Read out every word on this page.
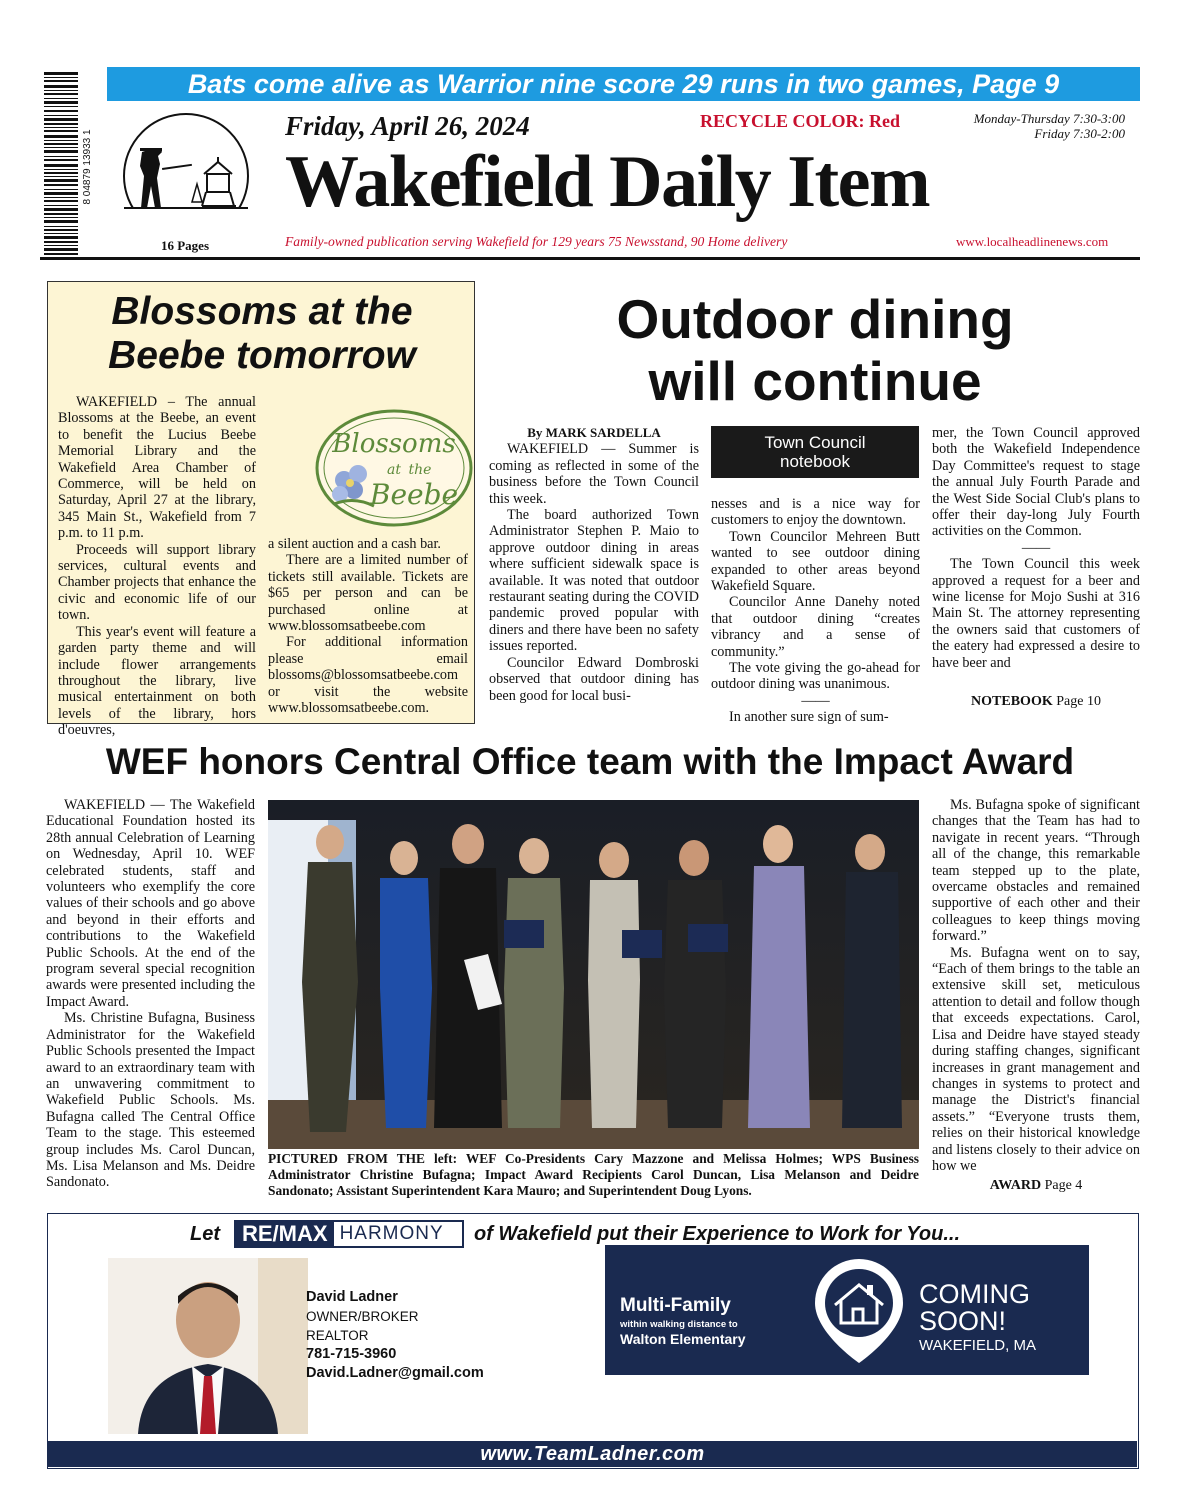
8 04879 13933 1
Bats come alive as Warrior nine score 29 runs in two games, Page 9
16 Pages
Friday, April 26, 2024	RECYCLE COLOR: Red	Monday-Thursday 7:30-3:00
Friday 7:30-2:00
Wakefield Daily Item
Family-owned publication serving Wakefield for 129 years 75 Newsstand, 90 Home delivery	www.localheadlinenews.com
Blossoms at the
Beebe tomorrow
Blossoms
at the
Beebe

WAKEFIELD – The annual Blossoms at the Beebe, an event to benefit the Lucius Beebe Memorial Library and the Wakefield Area Chamber of Commerce, will be held on Saturday, April 27 at the library, 345 Main St., Wakefield from 7 p.m. to 11 p.m.

Proceeds will support library services, cultural events and Chamber projects that enhance the civic and economic life of our town.

This year's event will feature a garden party theme and will include flower arrangements throughout the library, live musical entertainment on both levels of the library, hors d'oeuvres,

a silent auction and a cash bar.

There are a limited number of tickets still available. Tickets are $65 per person and can be purchased online at www.blossomsatbeebe.com

For additional information please email blossoms@blossomsatbeebe.com or visit the website www.blossomsatbeebe.com.

Outdoor dining
will continue

By MARK SARDELLA

WAKEFIELD — Summer is coming as reflected in some of the business before the Town Council this week.

The board authorized Town Administrator Stephen P. Maio to approve outdoor dining in areas where sufficient sidewalk space is available. It was noted that outdoor restaurant seating during the COVID pandemic proved popular with diners and there have been no safety issues reported.

Councilor Edward Dombroski observed that outdoor dining has been good for local busi-

Town Council
notebook

nesses and is a nice way for customers to enjoy the downtown.

Town Councilor Mehreen Butt wanted to see outdoor dining expanded to other areas beyond Wakefield Square.

Councilor Anne Danehy noted that outdoor dining “creates vibrancy and a sense of community.”

The vote giving the go-ahead for outdoor dining was unanimous.

——

In another sure sign of sum-

mer, the Town Council approved both the Wakefield Independence Day Committee's request to stage the annual July Fourth Parade and the West Side Social Club's plans to offer their day-long July Fourth activities on the Common.

——

The Town Council this week approved a request for a beer and wine license for Mojo Sushi at 316 Main St. The attorney representing the owners said that customers of the eatery had expressed a desire to have beer and

NOTEBOOK Page 10
WEF honors Central Office team with the Impact Award

WAKEFIELD — The Wakefield Educational Foundation hosted its 28th annual Celebration of Learning on Wednesday, April 10. WEF celebrated students, staff and volunteers who exemplify the core values of their schools and go above and beyond in their efforts and contributions to the Wakefield Public Schools. At the end of the program several special recognition awards were presented including the Impact Award.

Ms. Christine Bufagna, Business Administrator for the Wakefield Public Schools presented the Impact award to an extraordinary team with an unwavering commitment to Wakefield Public Schools. Ms. Bufagna called The Central Office Team to the stage. This esteemed group includes Ms. Carol Duncan, Ms. Lisa Melanson and Ms. Deidre Sandonato.

PICTURED FROM THE left: WEF Co-Presidents Cary Mazzone and Melissa Holmes; WPS Business Administrator Christine Bufagna; Impact Award Recipients Carol Duncan, Lisa Melanson and Deidre Sandonato; Assistant Superintendent Kara Mauro; and Superintendent Doug Lyons.

Ms. Bufagna spoke of significant changes that the Team has had to navigate in recent years. “Through all of the change, this remarkable team stepped up to the plate, overcame obstacles and remained supportive of each other and their colleagues to keep things moving forward.”

Ms. Bufagna went on to say, “Each of them brings to the table an extensive skill set, meticulous attention to detail and follow though that exceeds expectations. Carol, Lisa and Deidre have stayed steady during staffing changes, significant increases in grant management and changes in systems to protect and manage the District's financial assets.” “Everyone trusts them, relies on their historical knowledge and listens closely to their advice on how we

AWARD Page 4
Let RE/MAX HARMONY	of Wakefield put their Experience to Work for You...
David Ladner
OWNER/BROKER
REALTOR
781-715-3960
David.Ladner@gmail.com
Multi-Family
within walking distance to
Walton Elementary
COMING
SOON!
WAKEFIELD, MA
www.TeamLadner.com
